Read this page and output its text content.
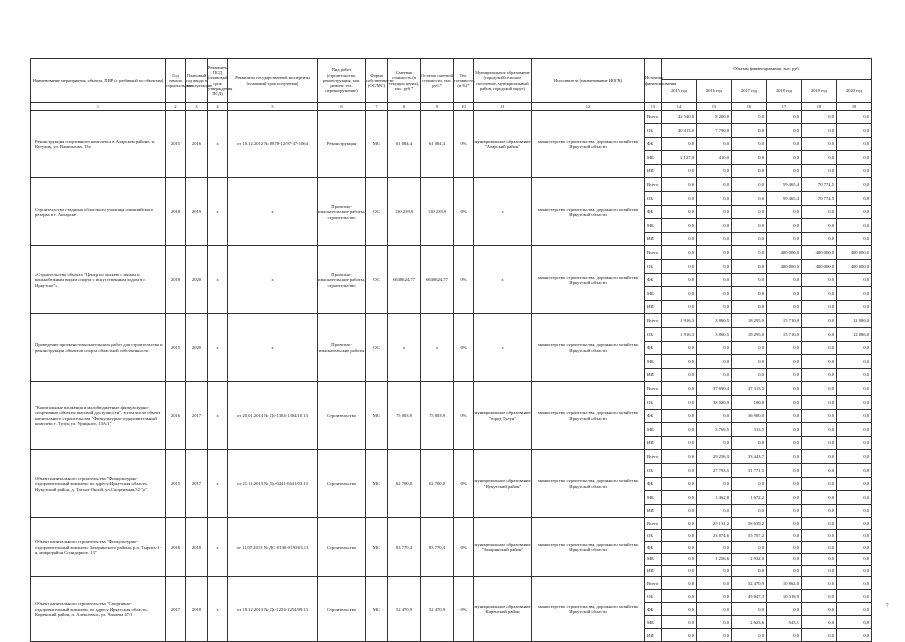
Наименование мероприятия, объекта, ПИР (с разбивкой по объектам)	Год начала строительства	Плановый год ввода в эксплуатацию	Реквизиты ПСД (плановый срок утверждения ПСД)	Реквизиты государственной экспертизы (плановый срок получения)	Вид работ (строительство, реконструкция, кап. ремонт, тех. перевооружение)	Форма собственности (ОС/МС)	Сметная стоимость (в текущих ценах), тыс. руб.*	Остаток сметной стоимости, тыс. руб.*	Тех. готовность (в %)*	Муниципальное образование (городской/сельское поселение, муниципальный район, городской округ)	Исполнитель (наименование ИОГВ)	Источник финансирования	Объемы финансирования, тыс. руб.					
													2015 год	2016 год	2017 год	2018 год	2019 год	2020 год
1	2	3	4	5	6	7	8	9	10	11	12	13	14	15	16	17	18	19
Реконструкция спортивного комплекса в Аларском районе, п. Кутулик, ул. Вампилова, 15а	2015	2016	х	от 10.12.2012 № 0878-12/97-37-1064	Реконструкция	МС	61 084,4	61 084,4	0%	муниципальное образование "Аларский район"	министерство строительства, дорожного хозяйства Иркутской области	Всего	42 540,0	8 200,0	0,0	0,0	0,0	0,0
												ОБ	40 413,0	7 790,0	0,0	0,0	0,0	0,0
												ФБ	0,0	0,0	0,0	0,0	0,0	0,0
												МБ	2 127,0	410,0	0,0	0,0	0,0	0,0
												ИИ	0,0	0,0	0,0	0,0	0,0	0,0
Строительство стадиона областного училища олимпийского резерва в г. Ангарске	2018	2019	х	х	Проектно-изыскательские работы, строительство	ОС	130 239,9	130 239,9	0%	х	министерство строительства, дорожного хозяйства Иркутской области	Всего	0,0	0,0	0,0	59 465,4	70 774,5	0,0
												ОБ	0,0	0,0	0,0	59 465,4	70 774,5	0,0
												ФБ	0,0	0,0	0,0	0,0	0,0	0,0
												МБ	0,0	0,0	0,0	0,0	0,0	0,0
												ИИ	0,0	0,0	0,0	0,0	0,0	0,0
«Строительство объекта "Центр по хоккею с мячом и конькобежным видам спорта с искусственным льдом в г. Иркутске"»	2018	2020	х	х	Проектно-изыскательские работы, строительство	ОС	6638624,77	6638624,77	0%	х	министерство строительства, дорожного хозяйства Иркутской области	Всего	0,0	0,0	0,0	400 000,0	400 000,0	400 000,0
												ОБ	0,0	0,0	0,0	400 000,0	400 000,0	400 000,0
												ФБ	0,0	0,0	0,0	0,0	0,0	0,0
												МБ	0,0	0,0	0,0	0,0	0,0	0,0
												ИИ	0,0	0,0	0,0	0,0	0,0	0,0
Проведение проектно-изыскательских работ для строительства и реконструкции объектов спорта областной собственности	2015	2020	х	х	Проектно-изыскательские работы	ОС	х	х	0%	х	министерство строительства, дорожного хозяйства Иркутской области	Всего	1 916,3	3 860,5	18 295,0	15 710,0	0,0	12 086,0
												ОБ	1 916,3	3 860,5	18 295,0	15 710,0	0,0	12 086,0
												ФБ	0,0	0,0	0,0	0,0	0,0	0,0
												МБ	0,0	0,0	0,0	0,0	0,0	0,0
												ИИ	0,0	0,0	0,0	0,0	0,0	0,0
"Капитальные вложения в малобюджетные физкультурно-спортивные объекты шаговой доступности", в том числе объект капитального строительства "Физкультурно-оздоровительный комплекс г. Тулун ул. Урицкого, 13А/1"	2016	2017	х	от 20.01.2014 № Дс-1304-1304/10.13	Строительство	МС	75 003,9	75 003,9	0%	муниципальное образование "город Тулун"	министерство строительства, дорожного хозяйства Иркутской области	Всего	0,0	37 690,4	37 313,5	0,0	0,0	0,0
												ОБ	0,0	33 920,9	100,0	0,0	0,0	0,0
												ФБ	0,0	0,0	36 900,0	0,0	0,0	0,0
												МБ	0,0	3 769,5	313,5	0,0	0,0	0,0
												ИИ	0,0	0,0	0,0	0,0	0,0	0,0
Объект капитального строительства "Физкультурно-оздоровительный комплекс по адресу:Иркутская область, Нукутский район, д. Татхал-Онгой, ул.Спортивная,52 "а"	2015	2017	х	от 21.11.2013 № Дс-0441-0441/03.13	Строительство	МС	62 700,0	62 700,0	0%	муниципальное образование "Нукутский район"	министерство строительства, дорожного хозяйства Иркутской области	Всего	0,0	29 256,3	33 443,7	0,0	0,0	0,0
												ОБ	0,0	27 793,5	31 771,5	0,0	0,0	0,0
												ФБ	0,0	0,0	0,0	0,0	0,0	0,0
												МБ	0,0	1 462,8	1 672,2	0,0	0,0	0,0
												ИИ	0,0	0,0	0,0	0,0	0,0	0,0
Объект капитального строительства "Физкультурно-оздоровительный комплекс Заларинского района, р.п. Тырить-1-я, микрорайон Солидарное, 13"	2016	2018	х	от 11.07.2013 № ДС-0130-0130/03.13	Строительство	МС	83 770,4	83 770,4	0%	муниципальное образование "Заларинский район"	министерство строительства, дорожного хозяйства Иркутской области	Всего	0,0	25 131,2	58 639,2	0,0	0,0	0,0
												ОБ	0,0	23 874,6	55 707,2	0,0	0,0	0,0
												ФБ	0,0	0,0	0,0	0,0	0,0	0,0
												МБ	0,0	1 256,6	2 932,0	0,0	0,0	0,0
												ИИ	0,0	0,0	0,0	0,0	0,0	0,0
Объект капитального строительства "Спортивно-оздоровительный комплекс по адресу Иркутская область, Киренский район, п. Алексеевск, ул. Чапаева 47/1	2017	2018	х	от 18.12.2013 № Дс-1254-1254/09.13	Строительство	МС	52 470,9	52 470,9	0%	муниципальное образование Киренский район	министерство строительства, дорожного хозяйства Иркутской области	Всего	0,0	0,0	52 470,9	10 862,0	0,0	0,0
												ОБ	0,0	0,0	49 847,3	10 318,9	0,0	0,0
												ФБ	0,0	0,0	0,0	0,0	0,0	0,0
												МБ	0,0	0,0	2 623,6	543,1	0,0	0,0
												ИИ	0,0	0,0	0,0	0,0	0,0	0,0
7
